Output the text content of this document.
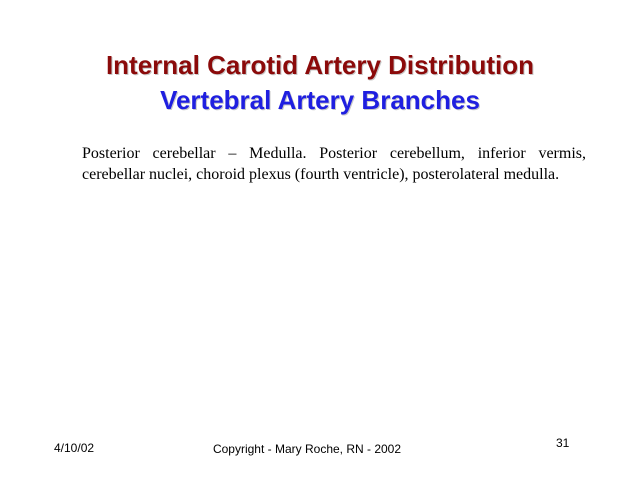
Internal Carotid Artery Distribution
Vertebral Artery Branches
Posterior cerebellar – Medulla. Posterior cerebellum, inferior vermis, cerebellar nuclei, choroid plexus (fourth ventricle), posterolateral medulla.
4/10/02	Copyright - Mary Roche, RN - 2002	31
